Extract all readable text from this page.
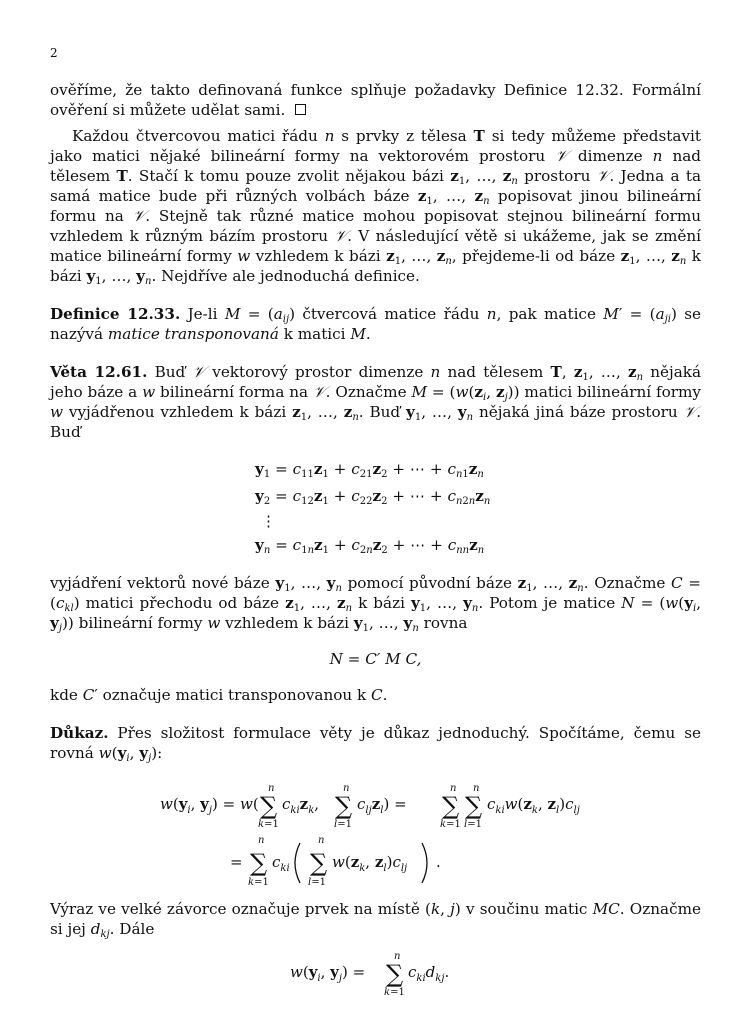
2

ověříme, že takto definovaná funkce splňuje požadavky Definice 12.32. Formální ověření si můžete udělat sami.

Každou čtvercovou matici řádu n s prvky z tělesa T si tedy můžeme představit jako matici nějaké bilineární formy na vektorovém prostoru 𝒱 dimenze n nad tělesem T. Stačí k tomu pouze zvolit nějakou bázi $z_1$, …, $z_n$ prostoru 𝒱. Jedna a ta samá matice bude při různých volbách báze $z_1$, …, $z_n$ popisovat jinou bilineární formu na 𝒱. Stejně tak různé matice mohou popisovat stejnou bilineární formu vzhledem k různým bázím prostoru 𝒱. V následující větě si ukážeme, jak se změní matice bilineární formy w vzhledem k bázi $z_1$, …, $z_n$, přejdeme-li od báze $z_1$, …, $z_n$ k bázi $y_1$, …, $y_n$. Nejdříve ale jednoduchá definice.

Definice 12.33. Je-li $M = (a_{ij})$ čtvercová matice řádu n, pak matice $M' = (a_{ji})$ se nazývá matice transponovaná k matici M.

Věta 12.61. Buď 𝒱 vektorový prostor dimenze n nad tělesem T, $z_1$, …, $z_n$ nějaká jeho báze a w bilineární forma na 𝒱. Označme $M = (w(z_i$, $z_j$)) matici bilineární formy w vyjádřenou vzhledem k bázi $z_1$, …, $z_n$. Buď $y_1$, …, $y_n$ nějaká jiná báze prostoru 𝒱. Buď

$y_1 = c_{11}z_1 + c_{21}z_2$ + ⋯ + $c_{n1}z_n$
$y_2 = c_{12}z_1 + c_{22}z_2$ + ⋯ + $c_{n2n}z_n$
⋮
$y_n = c_{1n}z_1 + c_{2n}z_2$ + ⋯ + $c_{nn}z_n$

vyjádření vektorů nové báze $y_1$, …, $y_n$ pomocí původní báze $z_1$, …, $z_n$. Označme $C = (c_{kl})$ matici přechodu od báze $z_1$, …, $z_n$ k bázi $y_1$, …, $y_n$. Potom je matice $N = (w(y_i$, $y_j$)) bilineární formy w vzhledem k bázi $y_1$, …, $y_n$ rovna

N = C′ M C,

kde C′ označuje matici transponovanou k C.

Důkaz. Přes složitost formulace věty je důkaz jednoduchý. Spočítáme, čemu se rovná $w(y_i$, $y_j$):

$w(y_i$, $y_j) = w$(
n
∑
k=1
$c_{ki}z_k$,
n
∑
l=1
$c_{lj}z_l$) =
n
∑
k=1
n
∑
l=1
$c_{ki}w(z_k$, $z_l)c_{lj}$
=
n
∑
k=1
$c_{ki}$
n
∑
l=1
$w(z_k$, $z_l)c_{lj}$ .

Výraz ve velké závorce označuje prvek na místě (k, j) v součinu matic MC. Označme si jej $d_{kj}$. Dále

$w(y_i$, $y_j$) =
n
∑
k=1
$c_{ki}d_{kj}$.
